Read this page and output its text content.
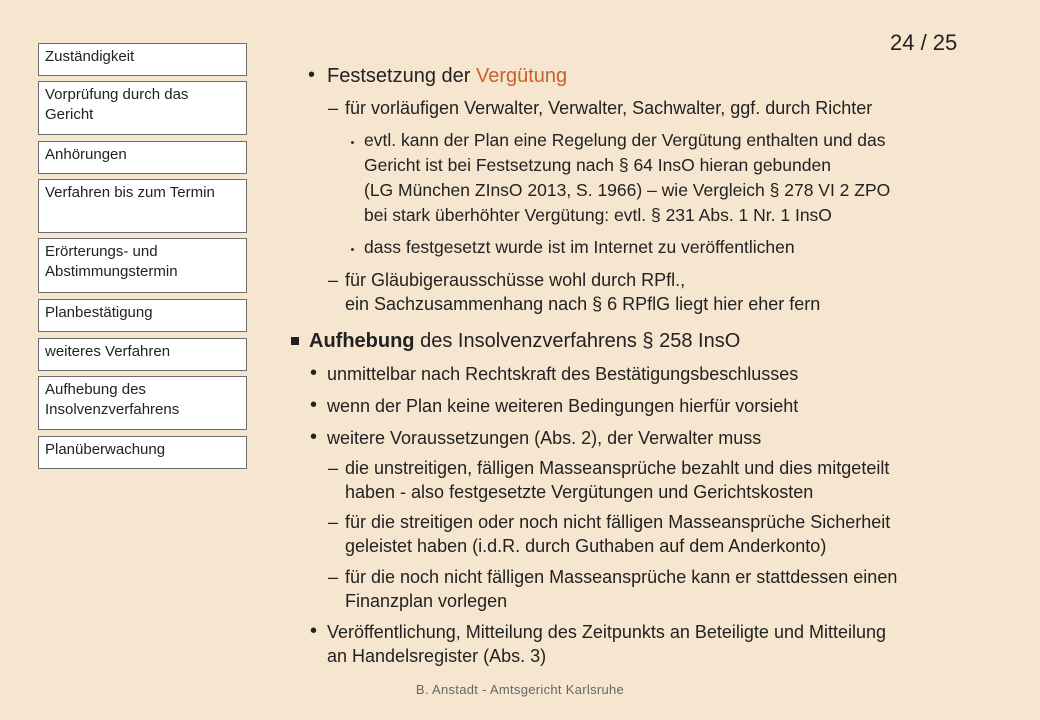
Zuständigkeit
Vorprüfung durch das Gericht
Anhörungen
Verfahren bis zum Termin
Erörterungs- und Abstimmungstermin
Planbestätigung
weiteres Verfahren
Aufhebung des Insolvenzverfahrens
Planüberwachung
24 / 25
• Festsetzung der Vergütung
– für vorläufigen Verwalter, Verwalter, Sachwalter, ggf. durch Richter
evtl. kann der Plan eine Regelung der Vergütung enthalten und das
Gericht ist bei Festsetzung nach § 64 InsO hieran gebunden
(LG München ZInsO 2013, S. 1966) – wie Vergleich § 278 VI 2 ZPO
bei stark überhöhter Vergütung: evtl. § 231 Abs. 1 Nr. 1 InsO
dass festgesetzt wurde ist im Internet zu veröffentlichen
– für Gläubigerausschüsse wohl durch RPfl.,
ein Sachzusammenhang nach § 6 RPflG liegt hier eher fern
Aufhebung des Insolvenzverfahrens § 258 InsO
• unmittelbar nach Rechtskraft des Bestätigungsbeschlusses
• wenn der Plan keine weiteren Bedingungen hierfür vorsieht
• weitere Voraussetzungen (Abs. 2), der Verwalter muss
– die unstreitigen, fälligen Masseansprüche bezahlt und dies mitgeteilt
haben - also festgesetzte Vergütungen und Gerichtskosten
– für die streitigen oder noch nicht fälligen Masseansprüche Sicherheit
geleistet haben (i.d.R. durch Guthaben auf dem Anderkonto)
– für die noch nicht fälligen Masseansprüche kann er stattdessen einen
Finanzplan vorlegen
• Veröffentlichung, Mitteilung des Zeitpunkts an Beteiligte und Mitteilung
an Handelsregister (Abs. 3)
B. Anstadt - Amtsgericht Karlsruhe
